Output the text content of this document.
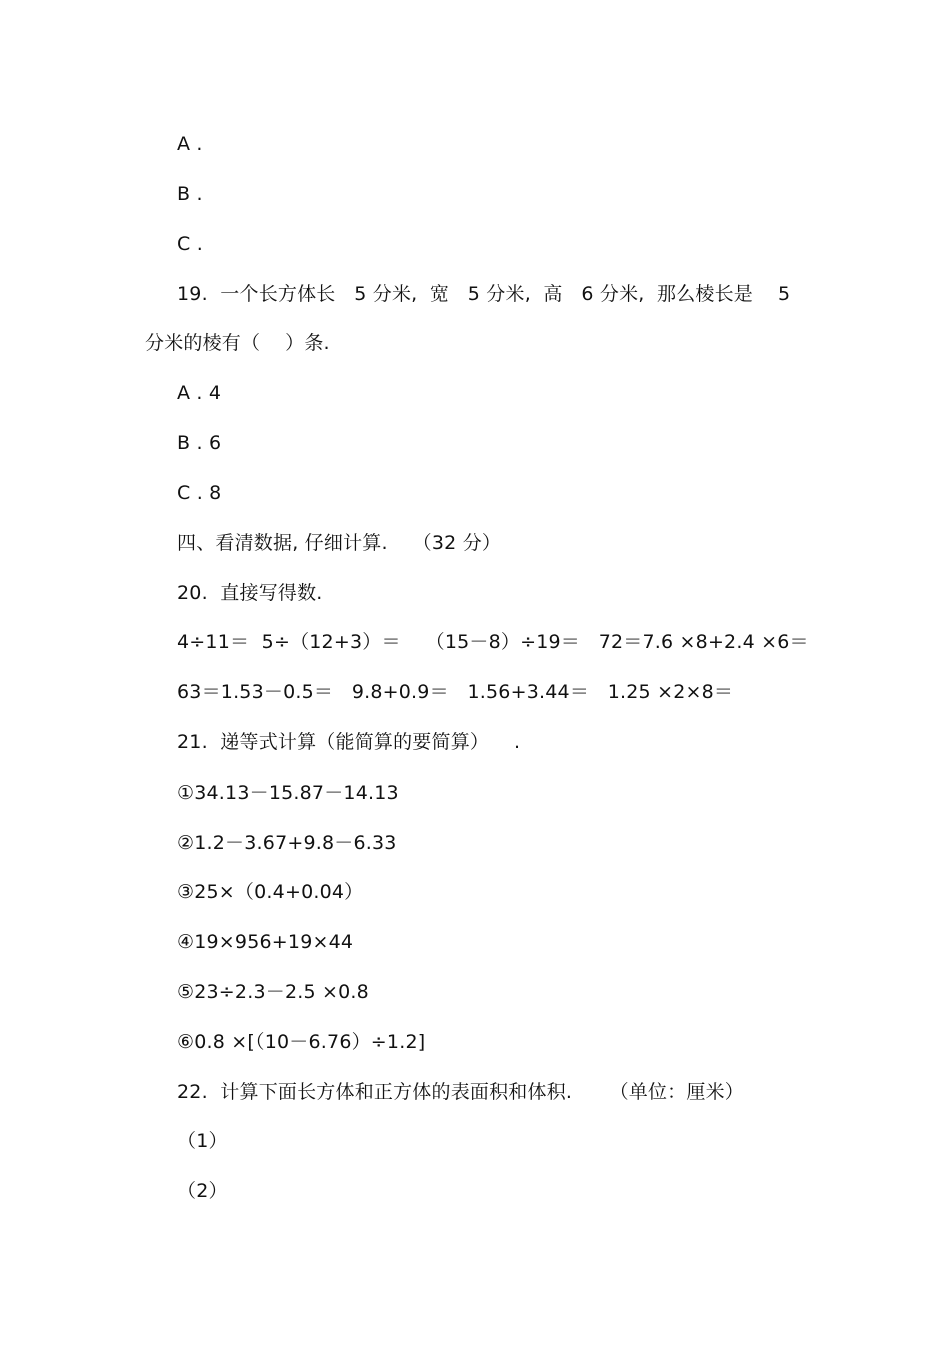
A .
B .
C .
19.  一个长方体长   5 分米,  宽   5 分米,  高   6 分米,  那么棱长是    5
分米的棱有（    ）条.
A . 4
B . 6
C . 8
四、看清数据, 仔细计算.    （32 分）
20.  直接写得数.
4÷11＝  5÷（12+3）＝    （15－8）÷19＝   72＝7.6 ×8+2.4 ×6＝
63＝1.53－0.5＝   9.8+0.9＝   1.56+3.44＝   1.25 ×2×8＝
21.  递等式计算（能简算的要简算）    .
①34.13－15.87－14.13
②1.2－3.67+9.8－6.33
③25×（0.4+0.04）
④19×956+19×44
⑤23÷2.3－2.5 ×0.8
⑥0.8 ×[（10－6.76）÷1.2]
22.  计算下面长方体和正方体的表面积和体积.      （单位：厘米）
（1）
（2）
